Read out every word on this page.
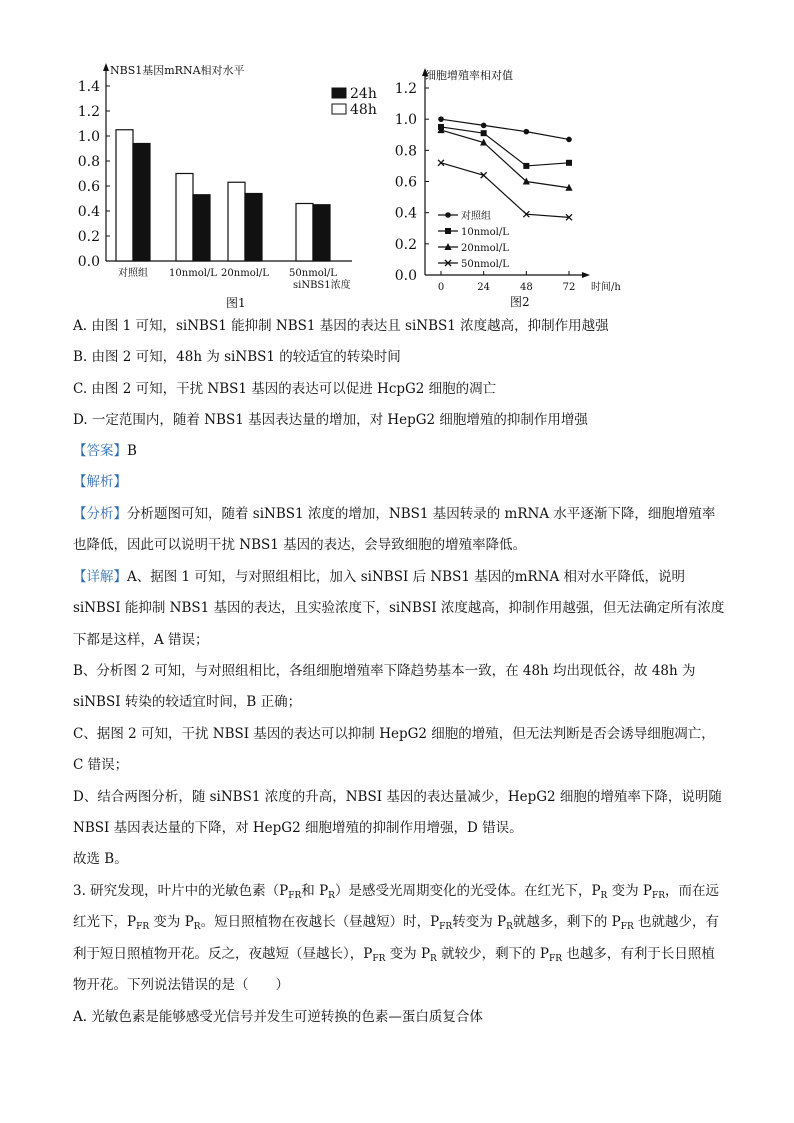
0.0
0.2
0.4
0.6
0.8
1.0
1.2
1.4
对照组 10nmol/L 20nmol/L 50nmol/L
24h
48h
NBS1基因mRNA相对水平
siNBS1浓度
图1
0.0
0.2
0.4
0.6
0.8
1.0
1.2
0	24	48	72
对照组
10nmol/L
20nmol/L
50nmol/L
细胞增殖率相对值
时间/h
图2
A. 由图 1 可知，siNBS1 能抑制 NBS1 基因的表达且 siNBS1 浓度越高，抑制作用越强
B. 由图 2 可知，48h 为 siNBS1 的较适宜的转染时间
C. 由图 2 可知，干扰 NBS1 基因的表达可以促进 HcpG2 细胞的凋亡
D. 一定范围内，随着 NBS1 基因表达量的增加，对 HepG2 细胞增殖的抑制作用增强
【答案】B
【解析】
【分析】分析题图可知，随着 siNBS1 浓度的增加，NBS1 基因转录的 mRNA 水平逐渐下降，细胞增殖率
也降低，因此可以说明干扰 NBS1 基因的表达，会导致细胞的增殖率降低。
【详解】A、据图 1 可知，与对照组相比，加入 siNBSI 后 NBS1 基因的mRNA 相对水平降低，说明
siNBSI 能抑制 NBS1 基因的表达，且实验浓度下，siNBSI 浓度越高，抑制作用越强，但无法确定所有浓度
下都是这样，A 错误；
B、分析图 2 可知，与对照组相比，各组细胞增殖率下降趋势基本一致，在 48h 均出现低谷，故 48h 为
siNBSI 转染的较适宜时间，B 正确；
C、据图 2 可知，干扰 NBSI 基因的表达可以抑制 HepG2 细胞的增殖，但无法判断是否会诱导细胞凋亡，
C 错误；
D、结合两图分析，随 siNBS1 浓度的升高，NBSI 基因的表达量减少，HepG2 细胞的增殖率下降，说明随
NBSI 基因表达量的下降，对 HepG2 细胞增殖的抑制作用增强，D 错误。
故选 B。
3. 研究发现，叶片中的光敏色素（$P_{FR}$和 $P_R$）是感受光周期变化的光受体。在红光下，$P_R$ 变为 $P_{FR}$，而在远
红光下，$P_{FR}$ 变为 $P_R$。短日照植物在夜越长（昼越短）时，$P_{FR}$转变为 $P_R$就越多，剩下的 $P_{FR}$ 也就越少，有
利于短日照植物开花。反之，夜越短（昼越长），$P_{FR}$ 变为 $P_R$ 就较少，剩下的 $P_{FR}$ 也越多，有利于长日照植
物开花。下列说法错误的是（　　）
A. 光敏色素是能够感受光信号并发生可逆转换的色素—蛋白质复合体
